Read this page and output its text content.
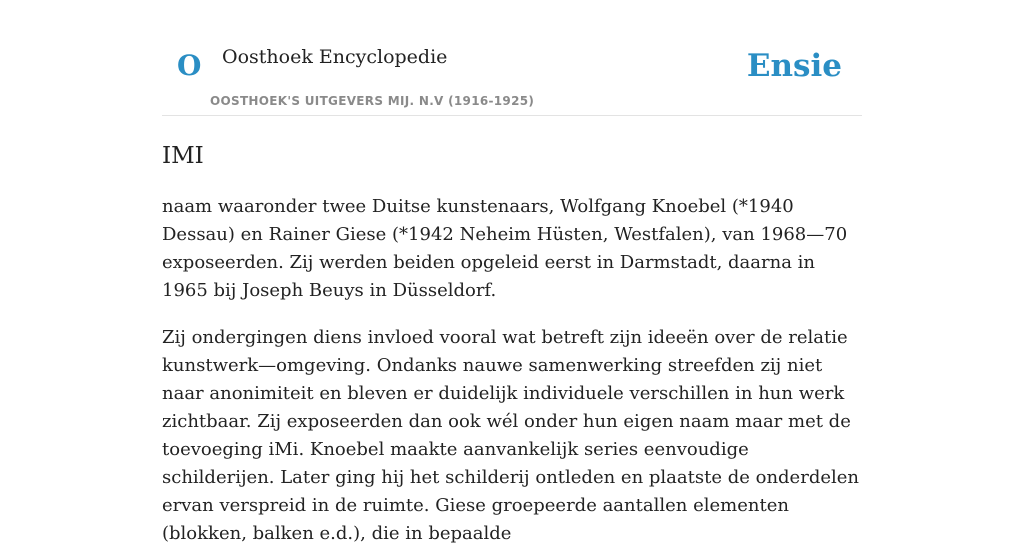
O Oosthoek Encyclopedie
OOSTHOEK'S UITGEVERS MIJ. N.V (1916-1925)
Ensie
IMI

naam waaronder twee Duitse kunstenaars, Wolfgang Knoebel (*1940 Dessau) en Rainer Giese (*1942 Neheim Hüsten, Westfalen), van 1968—70 exposeerden. Zij werden beiden opgeleid eerst in Darmstadt, daarna in 1965 bij Joseph Beuys in Düsseldorf.

Zij ondergingen diens invloed vooral wat betreft zijn ideeën over de relatie kunstwerk—omgeving. Ondanks nauwe samenwerking streefden zij niet naar anonimiteit en bleven er duidelijk individuele verschillen in hun werk zichtbaar. Zij exposeerden dan ook wél onder hun eigen naam maar met de toevoeging iMi. Knoebel maakte aanvankelijk series eenvoudige schilderijen. Later ging hij het schilderij ontleden en plaatste de onderdelen ervan verspreid in de ruimte. Giese groepeerde aantallen elementen (blokken, balken e.d.), die in bepaalde
